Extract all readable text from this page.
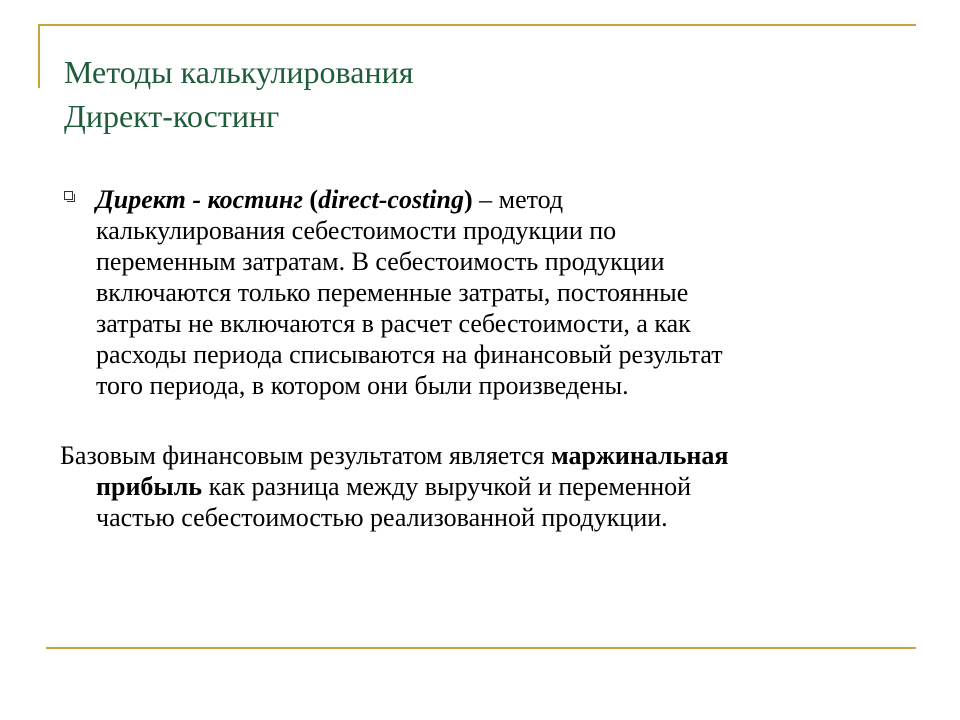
Методы калькулирования
Директ-костинг
Директ - костинг (direct-costing) – метод
калькулирования себестоимости продукции по
переменным затратам. В себестоимость продукции
включаются только переменные затраты, постоянные
затраты не включаются в расчет себестоимости, а как
расходы периода списываются на финансовый результат
того периода, в котором они были произведены.
Базовым финансовым результатом является маржинальная
прибыль как разница между выручкой и переменной
частью себестоимостью реализованной продукции.
